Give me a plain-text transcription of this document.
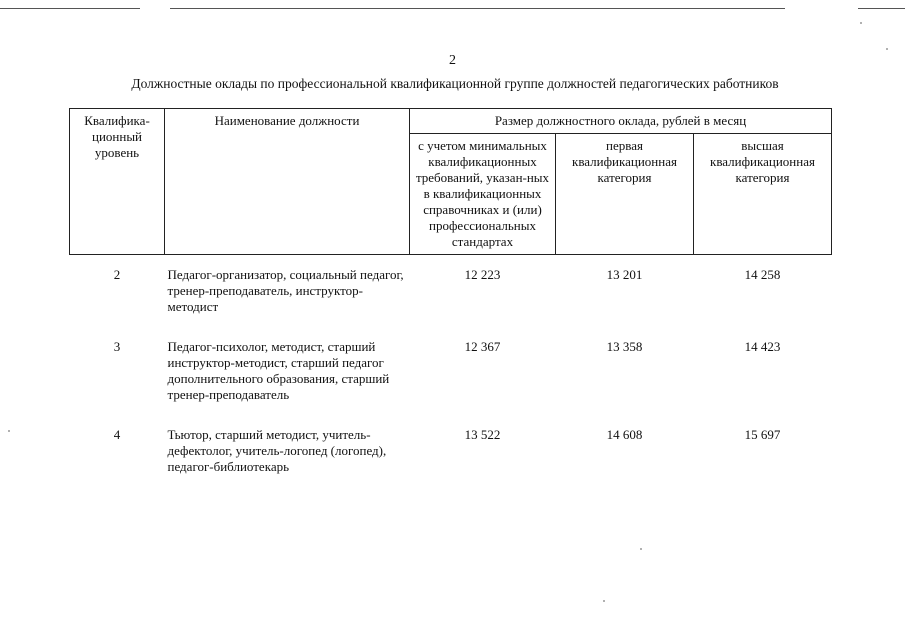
2
Должностные оклады по профессиональной квалификационной группе должностей педагогических работников
Квалифика-ционный уровень	Наименование должности	Размер должностного оклада, рублей в месяц		
		с учетом минимальных квалификационных требований, указан-ных в квалификационных справочниках и (или) профессиональных стандартах	первая квалификационная категория	высшая квалификационная категория
2	Педагог-организатор, социальный педагог, тренер-преподаватель, инструктор-методист	12 223	13 201	14 258
3	Педагог-психолог, методист, старший инструктор-методист, старший педагог дополнительного образования, старший тренер-преподаватель	12 367	13 358	14 423
4	Тьютор, старший методист, учитель-дефектолог, учитель-логопед (логопед), педагог-библиотекарь	13 522	14 608	15 697
